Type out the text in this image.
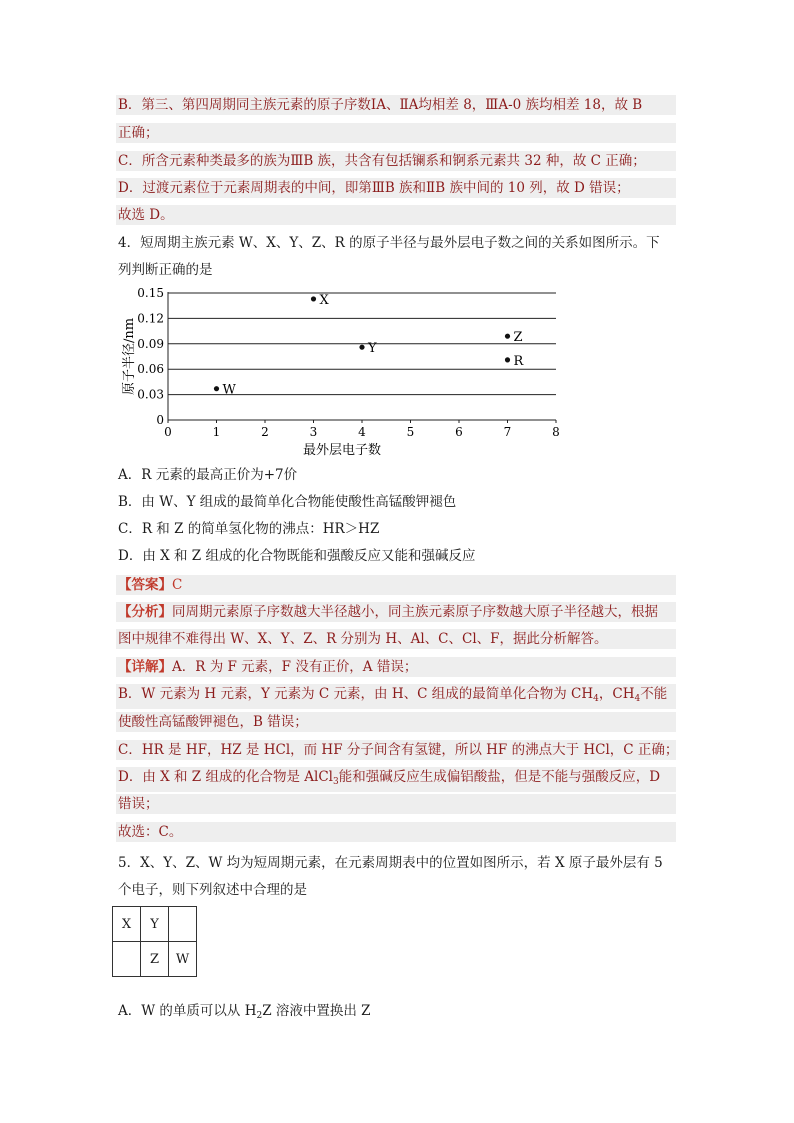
B．第三、第四周期同主族元素的原子序数ⅠA、ⅡA均相差 8，ⅢA-0 族均相差 18，故 B
正确；
C．所含元素种类最多的族为ⅢB 族，共含有包括镧系和锕系元素共 32 种，故 C 正确；
D．过渡元素位于元素周期表的中间，即第ⅢB 族和ⅡB 族中间的 10 列，故 D 错误；
故选 D。
4．短周期主族元素 W、X、Y、Z、R 的原子半径与最外层电子数之间的关系如图所示。下
列判断正确的是
0	1	2	3	4	5	6	7	8
0
0.03
0.06
0.09
0.12
0.15
W
X
Y
Z
R
最外层电子数
原子半径/nm
A．R 元素的最高正价为+7价
B．由 W、Y 组成的最简单化合物能使酸性高锰酸钾褪色
C．R 和 Z 的简单氢化物的沸点：HR＞HZ
D．由 X 和 Z 组成的化合物既能和强酸反应又能和强碱反应
【答案】C
【分析】同周期元素原子序数越大半径越小，同主族元素原子序数越大原子半径越大，根据
图中规律不难得出 W、X、Y、Z、R 分别为 H、Al、C、Cl、F，据此分析解答。
【详解】A．R 为 F 元素，F 没有正价，A 错误；
B．W 元素为 H 元素，Y 元素为 C 元素，由 H、C 组成的最简单化合物为 $CH_4$，$CH_4$不能
使酸性高锰酸钾褪色，B 错误；
C．HR 是 HF，HZ 是 HCl，而 HF 分子间含有氢键，所以 HF 的沸点大于 HCl，C 正确；
D．由 X 和 Z 组成的化合物是 AlCl$_3$能和强碱反应生成偏铝酸盐，但是不能与强酸反应，D
错误；
故选：C。
5．X、Y、Z、W 均为短周期元素，在元素周期表中的位置如图所示，若 X 原子最外层有 5
个电子，则下列叙述中合理的是
X	Y	
	Z	W
A．W 的单质可以从 $H_2Z$ 溶液中置换出 Z
